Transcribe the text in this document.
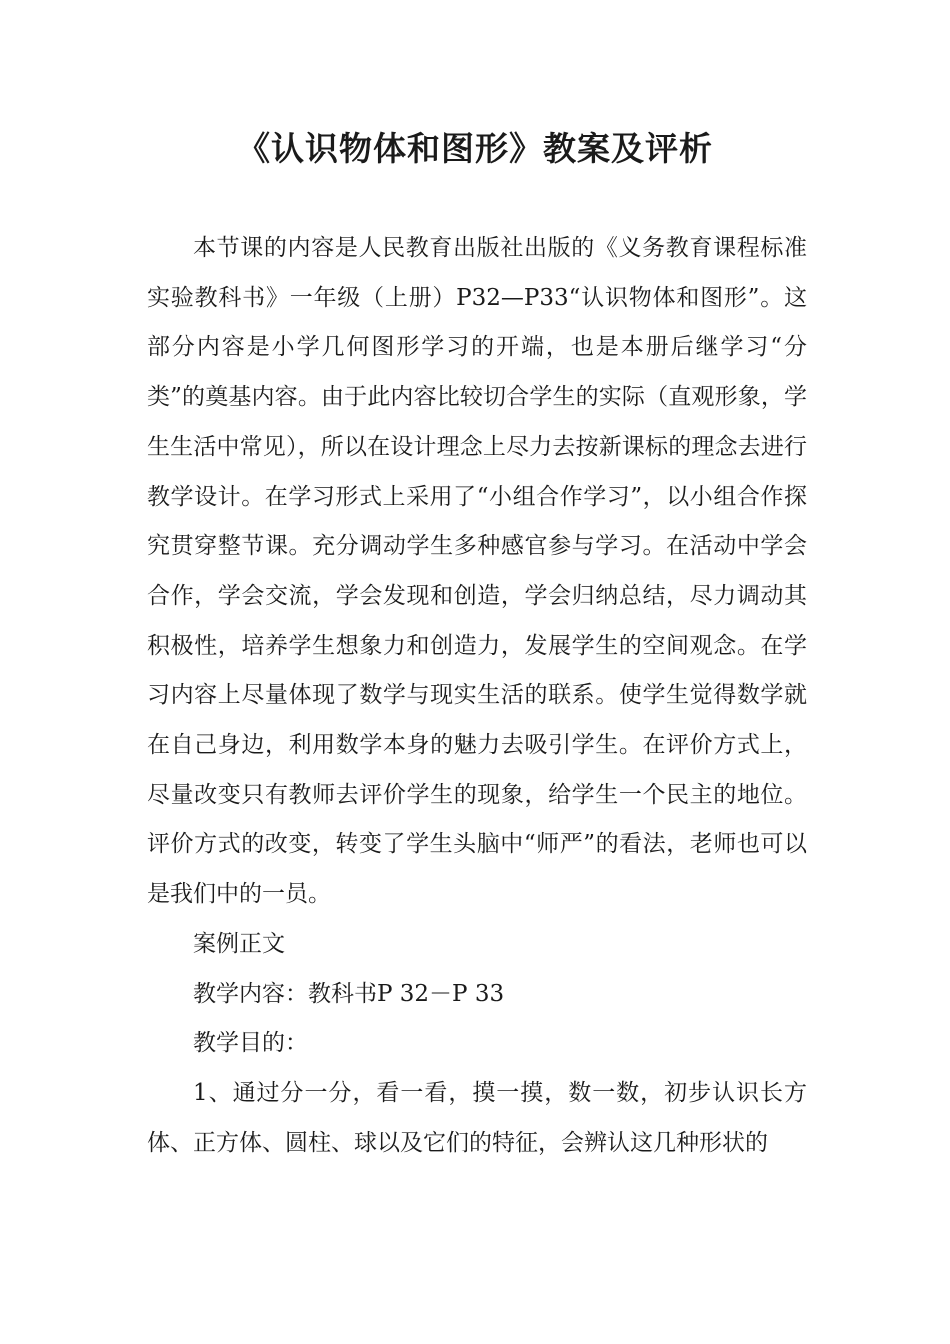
《认识物体和图形》教案及评析

本节课的内容是人民教育出版社出版的《义务教育课程标准实验教科书》一年级（上册）P32—P33“认识物体和图形”。这部分内容是小学几何图形学习的开端，也是本册后继学习“分类”的奠基内容。由于此内容比较切合学生的实际（直观形象，学生生活中常见），所以在设计理念上尽力去按新课标的理念去进行教学设计。在学习形式上采用了“小组合作学习”，以小组合作探究贯穿整节课。充分调动学生多种感官参与学习。在活动中学会合作，学会交流，学会发现和创造，学会归纳总结，尽力调动其积极性，培养学生想象力和创造力，发展学生的空间观念。在学习内容上尽量体现了数学与现实生活的联系。使学生觉得数学就在自己身边，利用数学本身的魅力去吸引学生。在评价方式上，尽量改变只有教师去评价学生的现象，给学生一个民主的地位。评价方式的改变，转变了学生头脑中“师严”的看法，老师也可以是我们中的一员。

案例正文

教学内容：教科书P 32－P 33

教学目的：

1、通过分一分，看一看，摸一摸，数一数，初步认识长方体、正方体、圆柱、球以及它们的特征，会辨认这几种形状的
